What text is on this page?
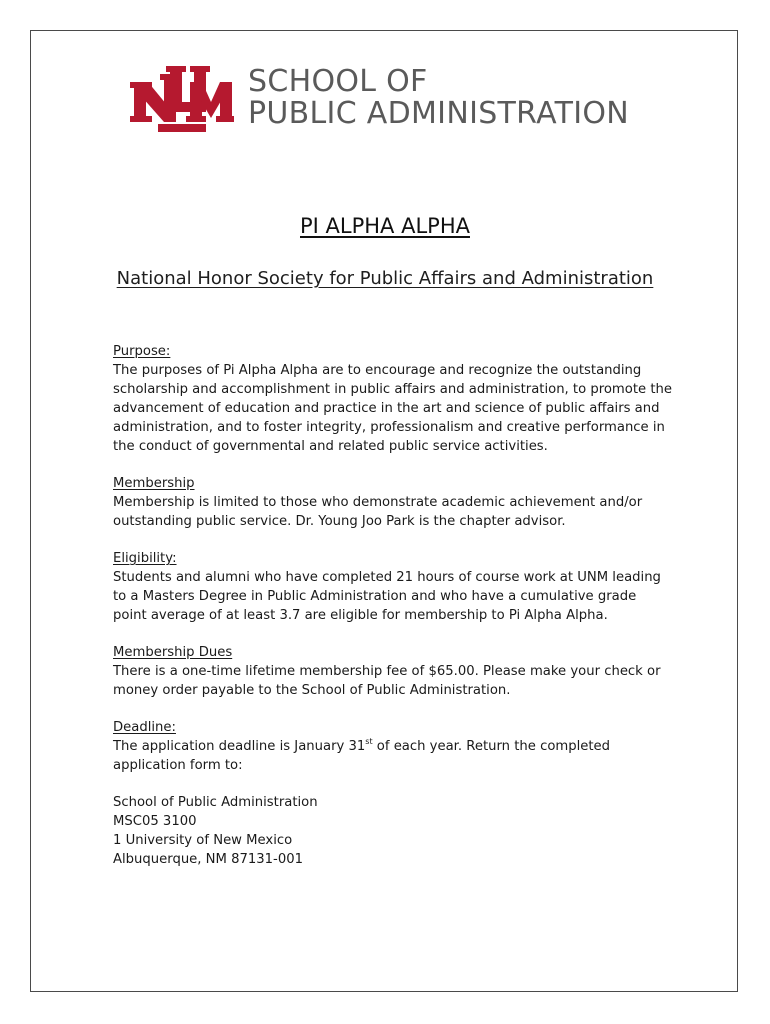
SCHOOL OF
PUBLIC ADMINISTRATION
PI ALPHA ALPHA
National Honor Society for Public Affairs and Administration
Purpose:
The purposes of Pi Alpha Alpha are to encourage and recognize the outstanding scholarship and accomplishment in public affairs and administration, to promote the advancement of education and practice in the art and science of public affairs and administration, and to foster integrity, professionalism and creative performance in the conduct of governmental and related public service activities.
Membership
Membership is limited to those who demonstrate academic achievement and/or outstanding public service. Dr. Young Joo Park is the chapter advisor.
Eligibility:
Students and alumni who have completed 21 hours of course work at UNM leading to a Masters Degree in Public Administration and who have a cumulative grade point average of at least 3.7 are eligible for membership to Pi Alpha Alpha.
Membership Dues
There is a one-time lifetime membership fee of $65.00. Please make your check or money order payable to the School of Public Administration.
Deadline:
The application deadline is January 31st of each year. Return the completed application form to:
School of Public Administration
MSC05 3100
1 University of New Mexico
Albuquerque, NM 87131-001
